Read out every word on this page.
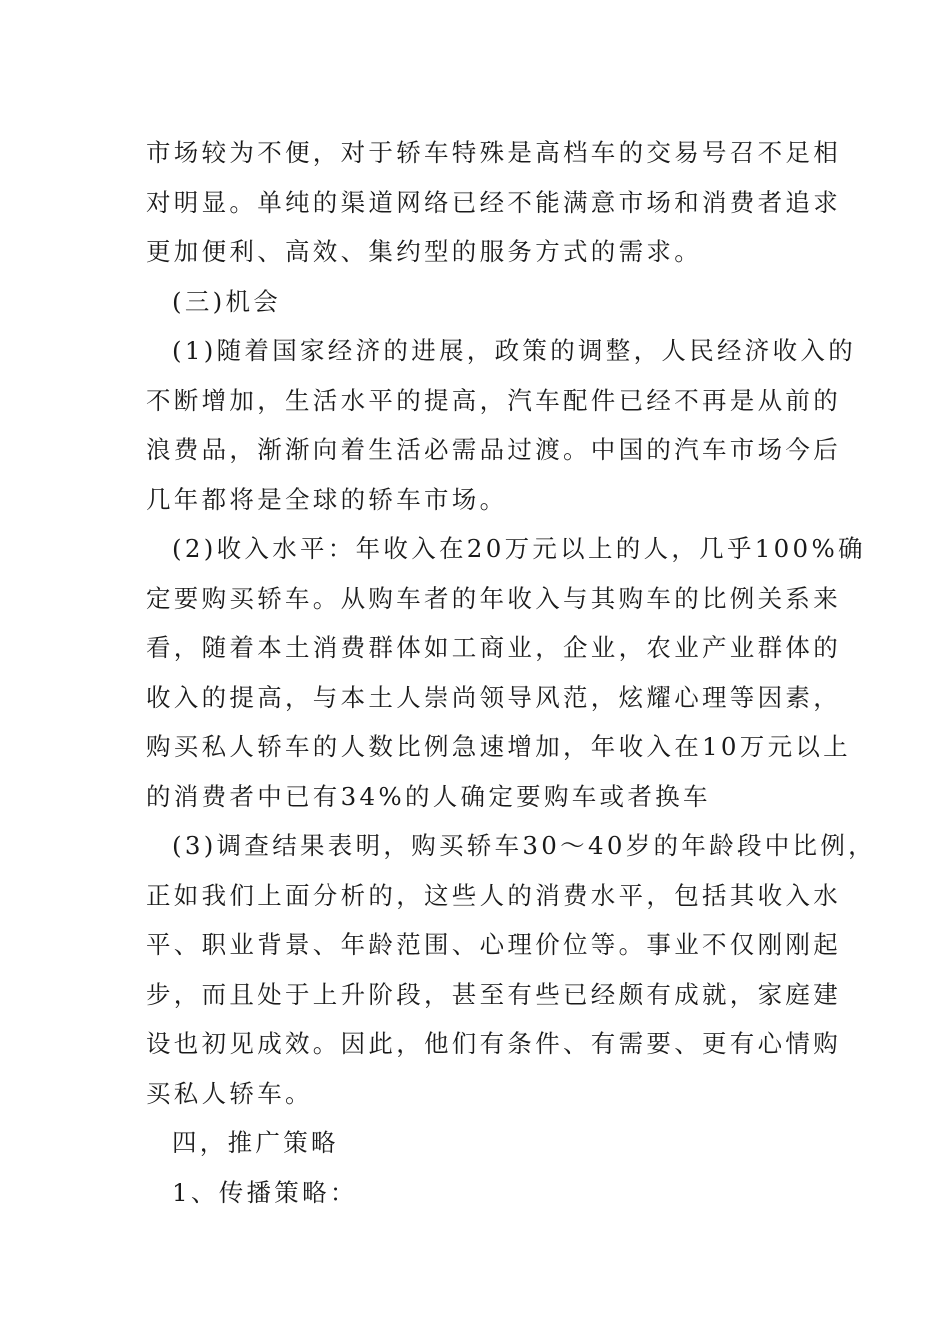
市场较为不便，对于轿车特殊是高档车的交易号召不足相
对明显。单纯的渠道网络已经不能满意市场和消费者追求
更加便利、高效、集约型的服务方式的需求。
(三)机会
(1)随着国家经济的进展，政策的调整，人民经济收入的
不断增加，生活水平的提高，汽车配件已经不再是从前的
浪费品，渐渐向着生活必需品过渡。中国的汽车市场今后
几年都将是全球的轿车市场。
(2)收入水平：年收入在20万元以上的人，几乎100%确
定要购买轿车。从购车者的年收入与其购车的比例关系来
看，随着本土消费群体如工商业，企业，农业产业群体的
收入的提高，与本土人崇尚领导风范，炫耀心理等因素，
购买私人轿车的人数比例急速增加，年收入在10万元以上
的消费者中已有34%的人确定要购车或者换车
(3)调查结果表明，购买轿车30～40岁的年龄段中比例，
正如我们上面分析的，这些人的消费水平，包括其收入水
平、职业背景、年龄范围、心理价位等。事业不仅刚刚起
步，而且处于上升阶段，甚至有些已经颇有成就，家庭建
设也初见成效。因此，他们有条件、有需要、更有心情购
买私人轿车。
四，推广策略
1、传播策略：
